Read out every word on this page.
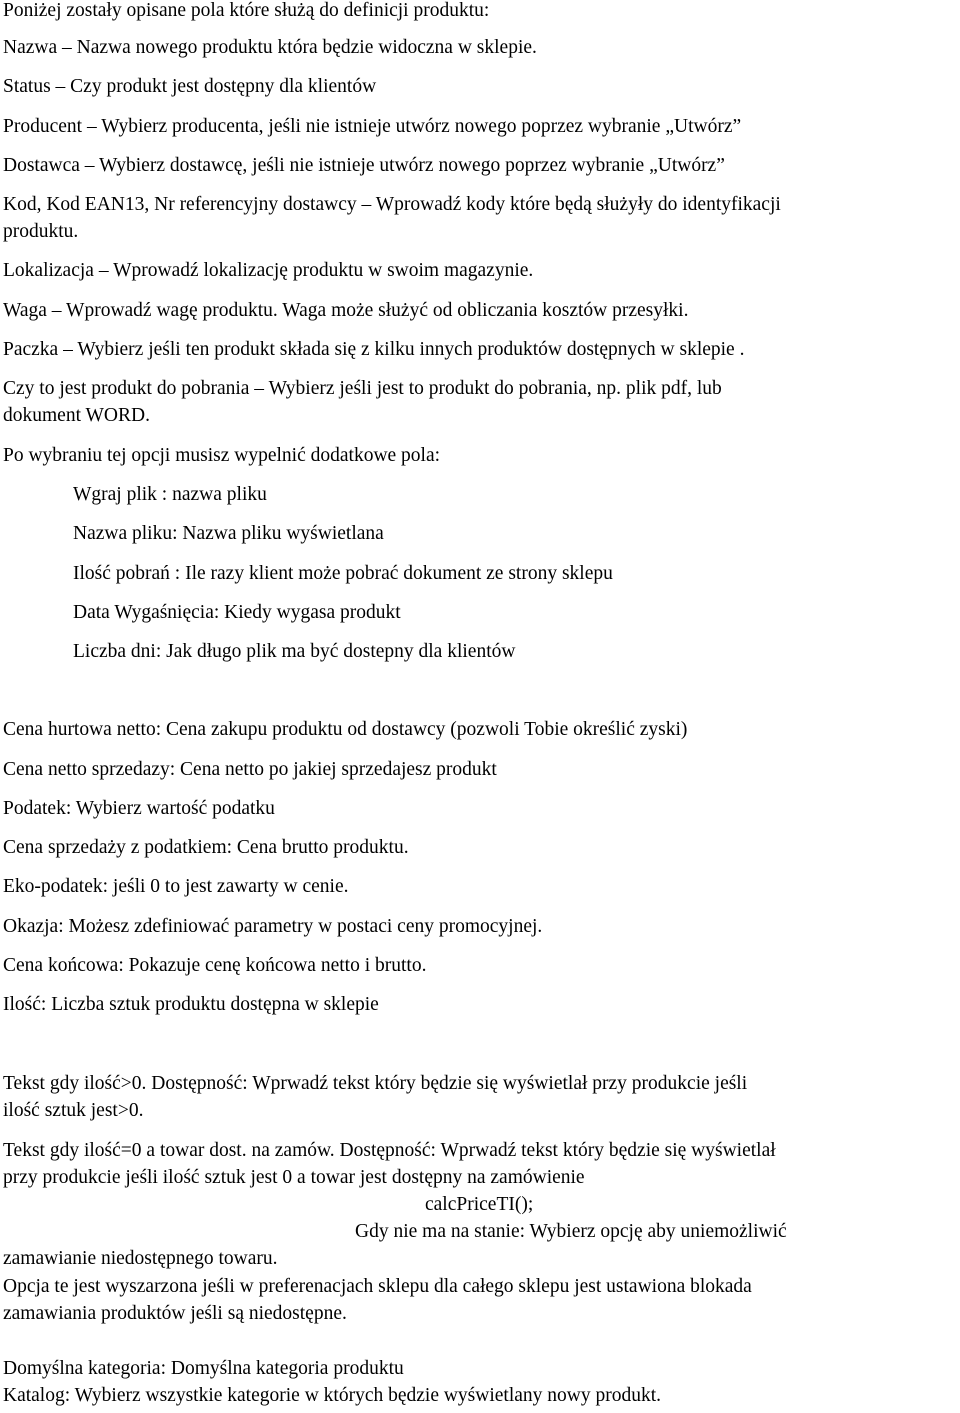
Poniżej zostały opisane pola które służą do definicji produktu:

Nazwa – Nazwa nowego produktu która będzie widoczna w sklepie.

Status – Czy produkt jest dostępny dla klientów

Producent – Wybierz producenta, jeśli nie istnieje utwórz nowego poprzez wybranie „Utwórz”

Dostawca – Wybierz dostawcę, jeśli nie istnieje utwórz nowego poprzez wybranie „Utwórz”

Kod, Kod EAN13, Nr referencyjny dostawcy – Wprowadź kody które będą służyły do identyfikacji

produktu.

Lokalizacja – Wprowadź lokalizację produktu w swoim magazynie.

Waga – Wprowadź wagę produktu. Waga może służyć od obliczania kosztów przesyłki.

Paczka – Wybierz jeśli ten produkt składa się z kilku innych produktów dostępnych w sklepie .

Czy to jest produkt do pobrania – Wybierz jeśli jest to produkt do pobrania, np. plik pdf, lub

dokument WORD.

Po wybraniu tej opcji musisz wypelnić dodatkowe pola:

Wgraj plik : nazwa pliku

Nazwa pliku: Nazwa pliku wyświetlana

Ilość pobrań : Ile razy klient może pobrać dokument ze strony sklepu

Data Wygaśnięcia: Kiedy wygasa produkt

Liczba dni: Jak długo plik ma być dostepny dla klientów

Cena hurtowa netto: Cena zakupu produktu od dostawcy (pozwoli Tobie określić zyski)

Cena netto sprzedazy: Cena netto po jakiej sprzedajesz produkt

Podatek: Wybierz wartość podatku

Cena sprzedaży z podatkiem: Cena brutto produktu.

Eko-podatek: jeśli 0 to jest zawarty w cenie.

Okazja: Możesz zdefiniować parametry w postaci ceny promocyjnej.

Cena końcowa: Pokazuje cenę końcowa netto i brutto.

Ilość: Liczba sztuk produktu dostępna w sklepie

Tekst gdy ilość>0. Dostępność: Wprwadź tekst który będzie się wyświetlał przy produkcie jeśli

ilość sztuk jest>0.

Tekst gdy ilość=0 a towar dost. na zamów. Dostępność: Wprwadź tekst który będzie się wyświetlał

przy produkcie jeśli ilość sztuk jest 0 a towar jest dostępny na zamówienie

calcPriceTI();

Gdy nie ma na stanie: Wybierz opcję aby uniemożliwić

zamawianie niedostępnego towaru.

Opcja te jest wyszarzona jeśli w preferenacjach sklepu dla całego sklepu jest ustawiona blokada

zamawiania produktów jeśli są niedostępne.

Domyślna kategoria: Domyślna kategoria produktu

Katalog: Wybierz wszystkie kategorie w których będzie wyświetlany nowy produkt.
